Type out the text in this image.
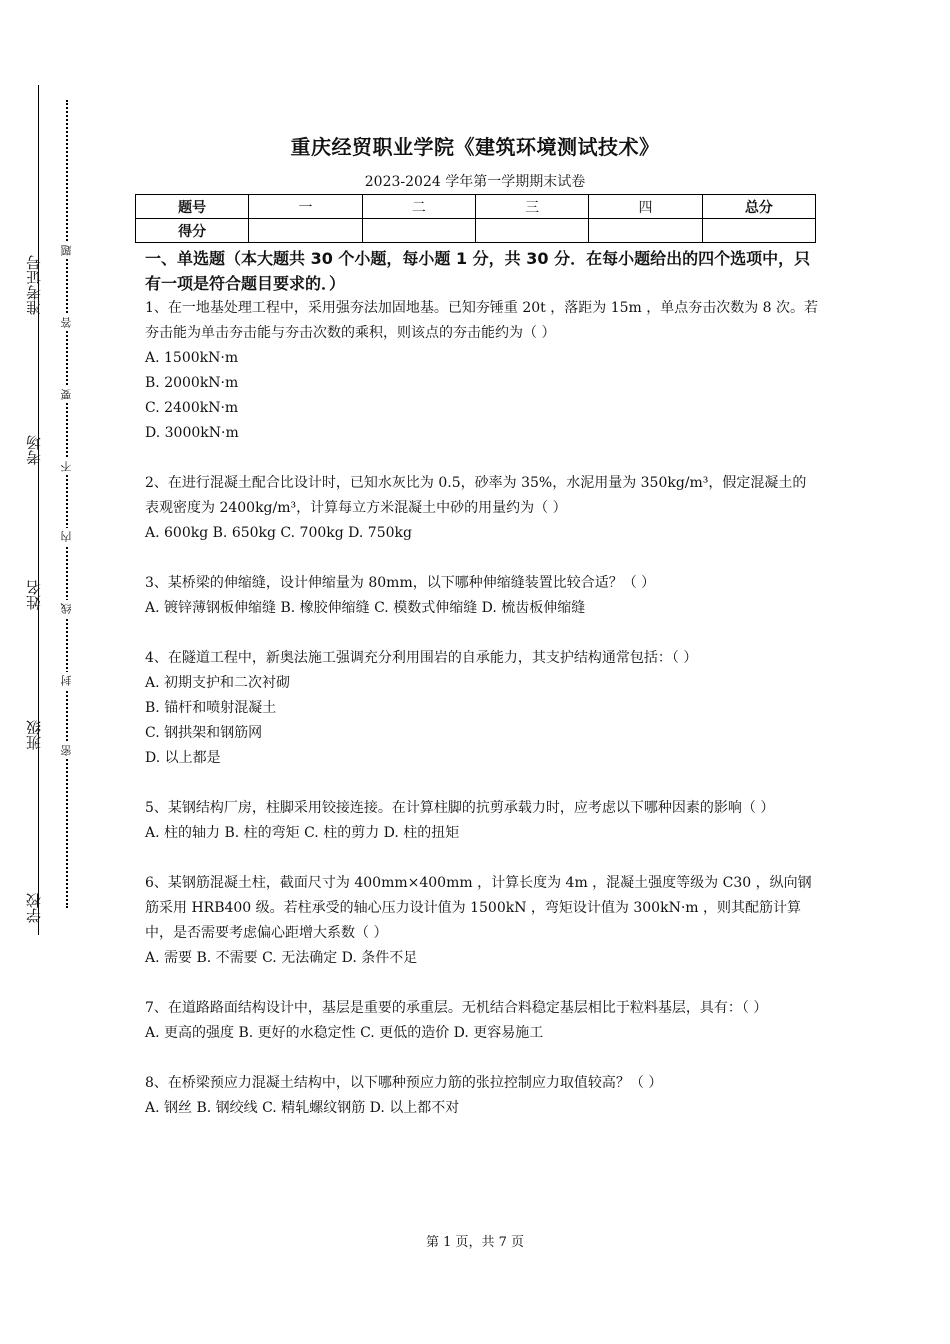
准考证号
考场
姓名
班级
学校
题
答
要
不
内
线
封
密
重庆经贸职业学院《建筑环境测试技术》
2023-2024 学年第一学期期末试卷
题号	一	二	三	四	总分
得分					
一、单选题（本大题共 30 个小题，每小题 1 分，共 30 分．在每小题给出的四个选项中，只有一项是符合题目要求的．）

1、在一地基处理工程中，采用强夯法加固地基。已知夯锤重 20t ，落距为 15m ，单点夯击次数为 8 次。若夯击能为单击夯击能与夯击次数的乘积，则该点的夯击能约为（ ）

A. 1500kN·m

B. 2000kN·m

C. 2400kN·m

D. 3000kN·m

2、在进行混凝土配合比设计时，已知水灰比为 0.5，砂率为 35%，水泥用量为 350kg/m³，假定混凝土的表观密度为 2400kg/m³，计算每立方米混凝土中砂的用量约为（ ）

A. 600kg B. 650kg C. 700kg D. 750kg

3、某桥梁的伸缩缝，设计伸缩量为 80mm，以下哪种伸缩缝装置比较合适？（ ）

A. 镀锌薄钢板伸缩缝 B. 橡胶伸缩缝 C. 模数式伸缩缝 D. 梳齿板伸缩缝

4、在隧道工程中，新奥法施工强调充分利用围岩的自承能力，其支护结构通常包括：（ ）

A. 初期支护和二次衬砌

B. 锚杆和喷射混凝土

C. 钢拱架和钢筋网

D. 以上都是

5、某钢结构厂房，柱脚采用铰接连接。在计算柱脚的抗剪承载力时，应考虑以下哪种因素的影响（ ）

A. 柱的轴力 B. 柱的弯矩 C. 柱的剪力 D. 柱的扭矩

6、某钢筋混凝土柱，截面尺寸为 400mm×400mm ，计算长度为 4m ，混凝土强度等级为 C30 ，纵向钢筋采用 HRB400 级。若柱承受的轴心压力设计值为 1500kN ，弯矩设计值为 300kN·m ，则其配筋计算中，是否需要考虑偏心距增大系数（ ）

A. 需要 B. 不需要 C. 无法确定 D. 条件不足

7、在道路路面结构设计中，基层是重要的承重层。无机结合料稳定基层相比于粒料基层，具有：（ ）

A. 更高的强度 B. 更好的水稳定性 C. 更低的造价 D. 更容易施工

8、在桥梁预应力混凝土结构中，以下哪种预应力筋的张拉控制应力取值较高？（ ）

A. 钢丝 B. 钢绞线 C. 精轧螺纹钢筋 D. 以上都不对

第 1 页，共 7 页
